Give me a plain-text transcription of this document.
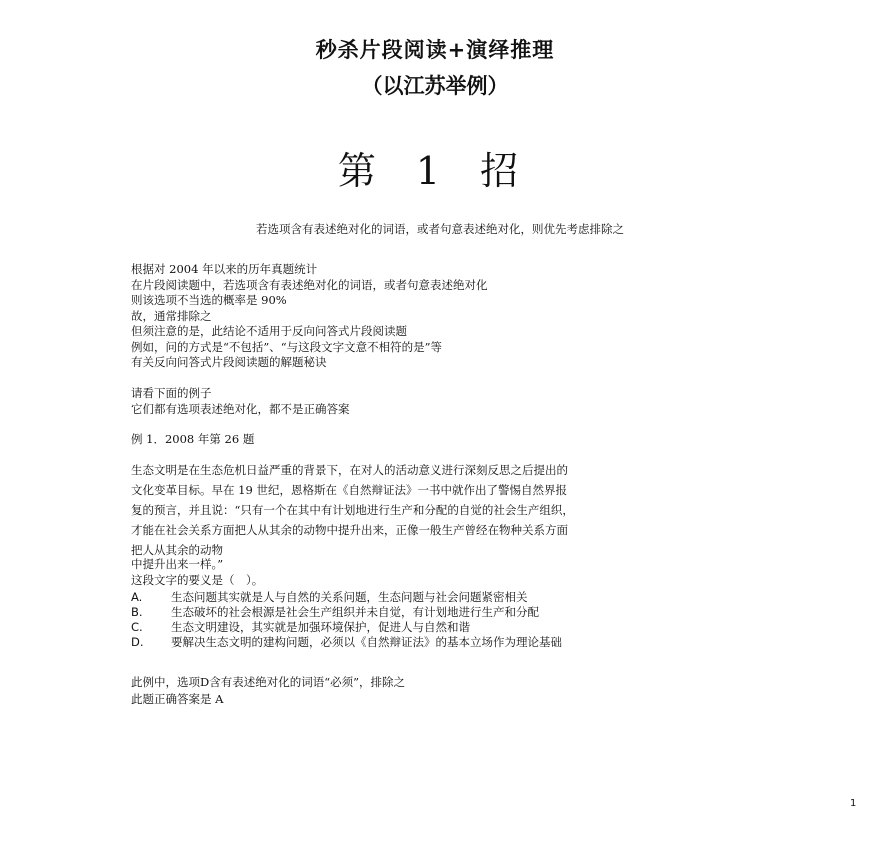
秒杀片段阅读+演绎推理
（以江苏举例）
第 1 招
若选项含有表述绝对化的词语，或者句意表述绝对化，则优先考虑排除之
根据对 2004 年以来的历年真题统计
在片段阅读题中，若选项含有表述绝对化的词语，或者句意表述绝对化
则该选项不当选的概率是 90%
故，通常排除之
但须注意的是，此结论不适用于反向问答式片段阅读题
例如，问的方式是“不包括”、“与这段文字文意不相符的是”等
有关反向问答式片段阅读题的解题秘诀
请看下面的例子
它们都有选项表述绝对化，都不是正确答案
例 1．2008 年第 26 题
生态文明是在生态危机日益严重的背景下，在对人的活动意义进行深刻反思之后提出的
文化变革目标。早在 19 世纪，恩格斯在《自然辩证法》一书中就作出了警惕自然界报
复的预言，并且说：“只有一个在其中有计划地进行生产和分配的自觉的社会生产组织，
才能在社会关系方面把人从其余的动物中提升出来，正像一般生产曾经在物种关系方面
把人从其余的动物
中提升出来一样。”
这段文字的要义是（　）。
A. 生态问题其实就是人与自然的关系问题，生态问题与社会问题紧密相关
B. 生态破坏的社会根源是社会生产组织并未自觉，有计划地进行生产和分配
C. 生态文明建设，其实就是加强环境保护，促进人与自然和谐
D. 要解决生态文明的建构问题，必须以《自然辩证法》的基本立场作为理论基础
此例中，选项D含有表述绝对化的词语“必须”，排除之
此题正确答案是 A
1
